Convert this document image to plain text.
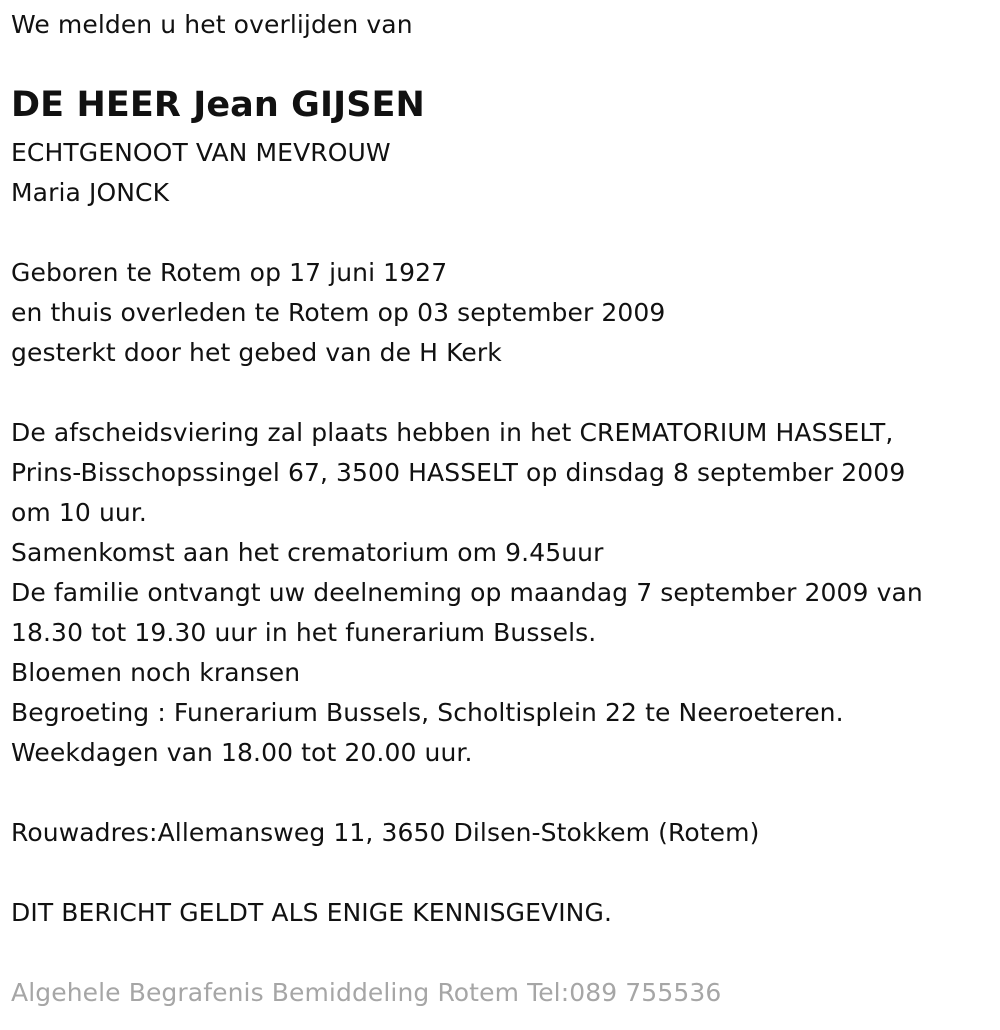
We melden u het overlijden van
DE HEER Jean GIJSEN
ECHTGENOOT VAN MEVROUW
Maria JONCK
Geboren te Rotem op 17 juni 1927
en thuis overleden te Rotem op 03 september 2009
gesterkt door het gebed van de H Kerk
De afscheidsviering zal plaats hebben in het CREMATORIUM HASSELT,
Prins-Bisschopssingel 67, 3500 HASSELT op dinsdag 8 september 2009
om 10 uur.
Samenkomst aan het crematorium om 9.45uur
De familie ontvangt uw deelneming op maandag 7 september 2009 van
18.30 tot 19.30 uur in het funerarium Bussels.
Bloemen noch kransen
Begroeting : Funerarium Bussels, Scholtisplein 22 te Neeroeteren.
Weekdagen van 18.00 tot 20.00 uur.
Rouwadres:Allemansweg 11, 3650 Dilsen-Stokkem (Rotem)
DIT BERICHT GELDT ALS ENIGE KENNISGEVING.
Algehele Begrafenis Bemiddeling Rotem Tel:089 755536
